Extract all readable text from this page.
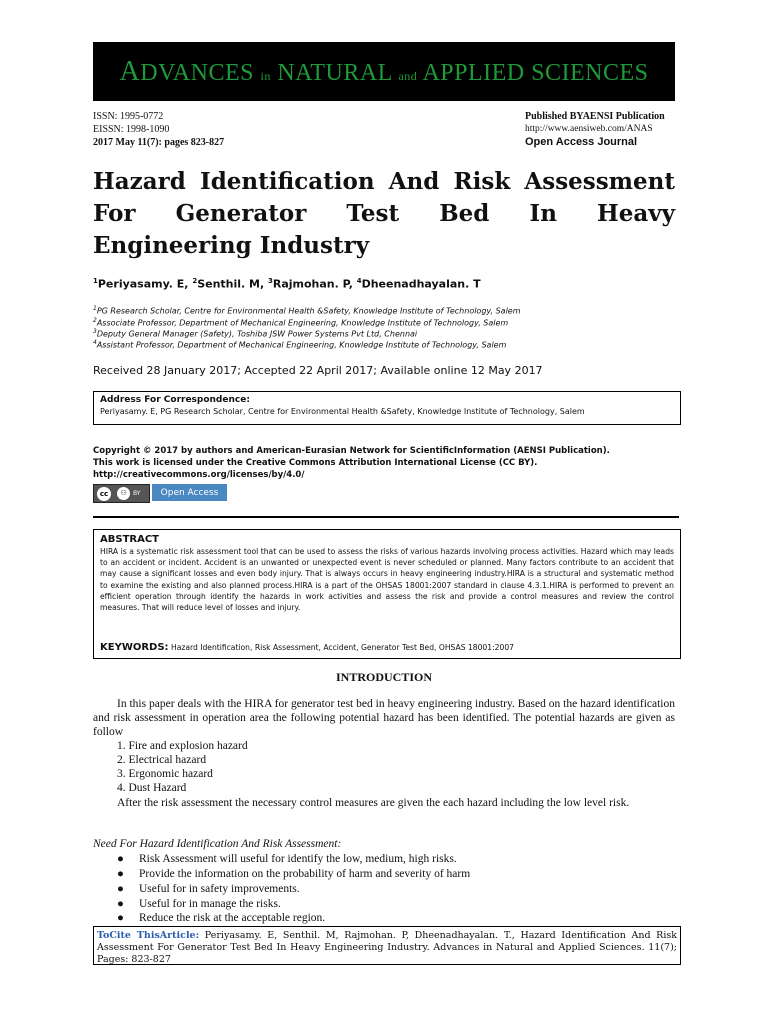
ADVANCES in NATURAL and APPLIED SCIENCES
ISSN: 1995-0772
EISSN: 1998-1090
2017 May 11(7): pages 823-827
Published BYAENSI Publication
http://www.aensiweb.com/ANAS
Open Access Journal
Hazard Identification And Risk Assessment For Generator Test Bed In Heavy Engineering Industry
$^1$Periyasamy. E, $^2$Senthil. M, $^3$Rajmohan. P, $^4$Dheenadhayalan. T
$^1$PG Research Scholar, Centre for Environmental Health &Safety, Knowledge Institute of Technology, Salem
$^2$Associate Professor, Department of Mechanical Engineering, Knowledge Institute of Technology, Salem
$^3$Deputy General Manager (Safety), Toshiba JSW Power Systems Pvt Ltd, Chennai
$^4$Assistant Professor, Department of Mechanical Engineering, Knowledge Institute of Technology, Salem
Received 28 January 2017; Accepted 22 April 2017; Available online 12 May 2017
Address For Correspondence:
Periyasamy. E, PG Research Scholar, Centre for Environmental Health &Safety, Knowledge Institute of Technology, Salem
Copyright © 2017 by authors and American-Eurasian Network for ScientificInformation (AENSI Publication).
This work is licensed under the Creative Commons Attribution International License (CC BY).
http://creativecommons.org/licenses/by/4.0/
cc	⚇	BY	Open Access
ABSTRACT
HIRA is a systematic risk assessment tool that can be used to assess the risks of various hazards involving process activities. Hazard which may leads to an accident or incident. Accident is an unwanted or unexpected event is never scheduled or planned. Many factors contribute to an accident that may cause a significant losses and even body injury. That is always occurs in heavy engineering industry.HIRA is a structural and systematic method to examine the existing and also planned process.HIRA is a part of the OHSAS 18001:2007 standard in clause 4.3.1.HIRA is performed to prevent an efficient operation through identify the hazards in work activities and assess the risk and provide a control measures and review the control measures. That will reduce level of losses and injury.
KEYWORDS: Hazard Identification, Risk Assessment, Accident, Generator Test Bed, OHSAS 18001:2007
INTRODUCTION
In this paper deals with the HIRA for generator test bed in heavy engineering industry. Based on the hazard identification and risk assessment in operation area the following potential hazard has been identified. The potential hazards are given as follow
1. Fire and explosion hazard
2. Electrical hazard
3. Ergonomic hazard
4. Dust Hazard
After the risk assessment the necessary control measures are given the each hazard including the low level risk.
Need For Hazard Identification And Risk Assessment:
● Risk Assessment will useful for identify the low, medium, high risks.
● Provide the information on the probability of harm and severity of harm
● Useful for in safety improvements.
● Useful for in manage the risks.
● Reduce the risk at the acceptable region.
ToCite ThisArticle: Periyasamy. E, Senthil. M, Rajmohan. P, Dheenadhayalan. T., Hazard Identification And Risk Assessment For Generator Test Bed In Heavy Engineering Industry. Advances in Natural and Applied Sciences. 11(7); Pages: 823-827
